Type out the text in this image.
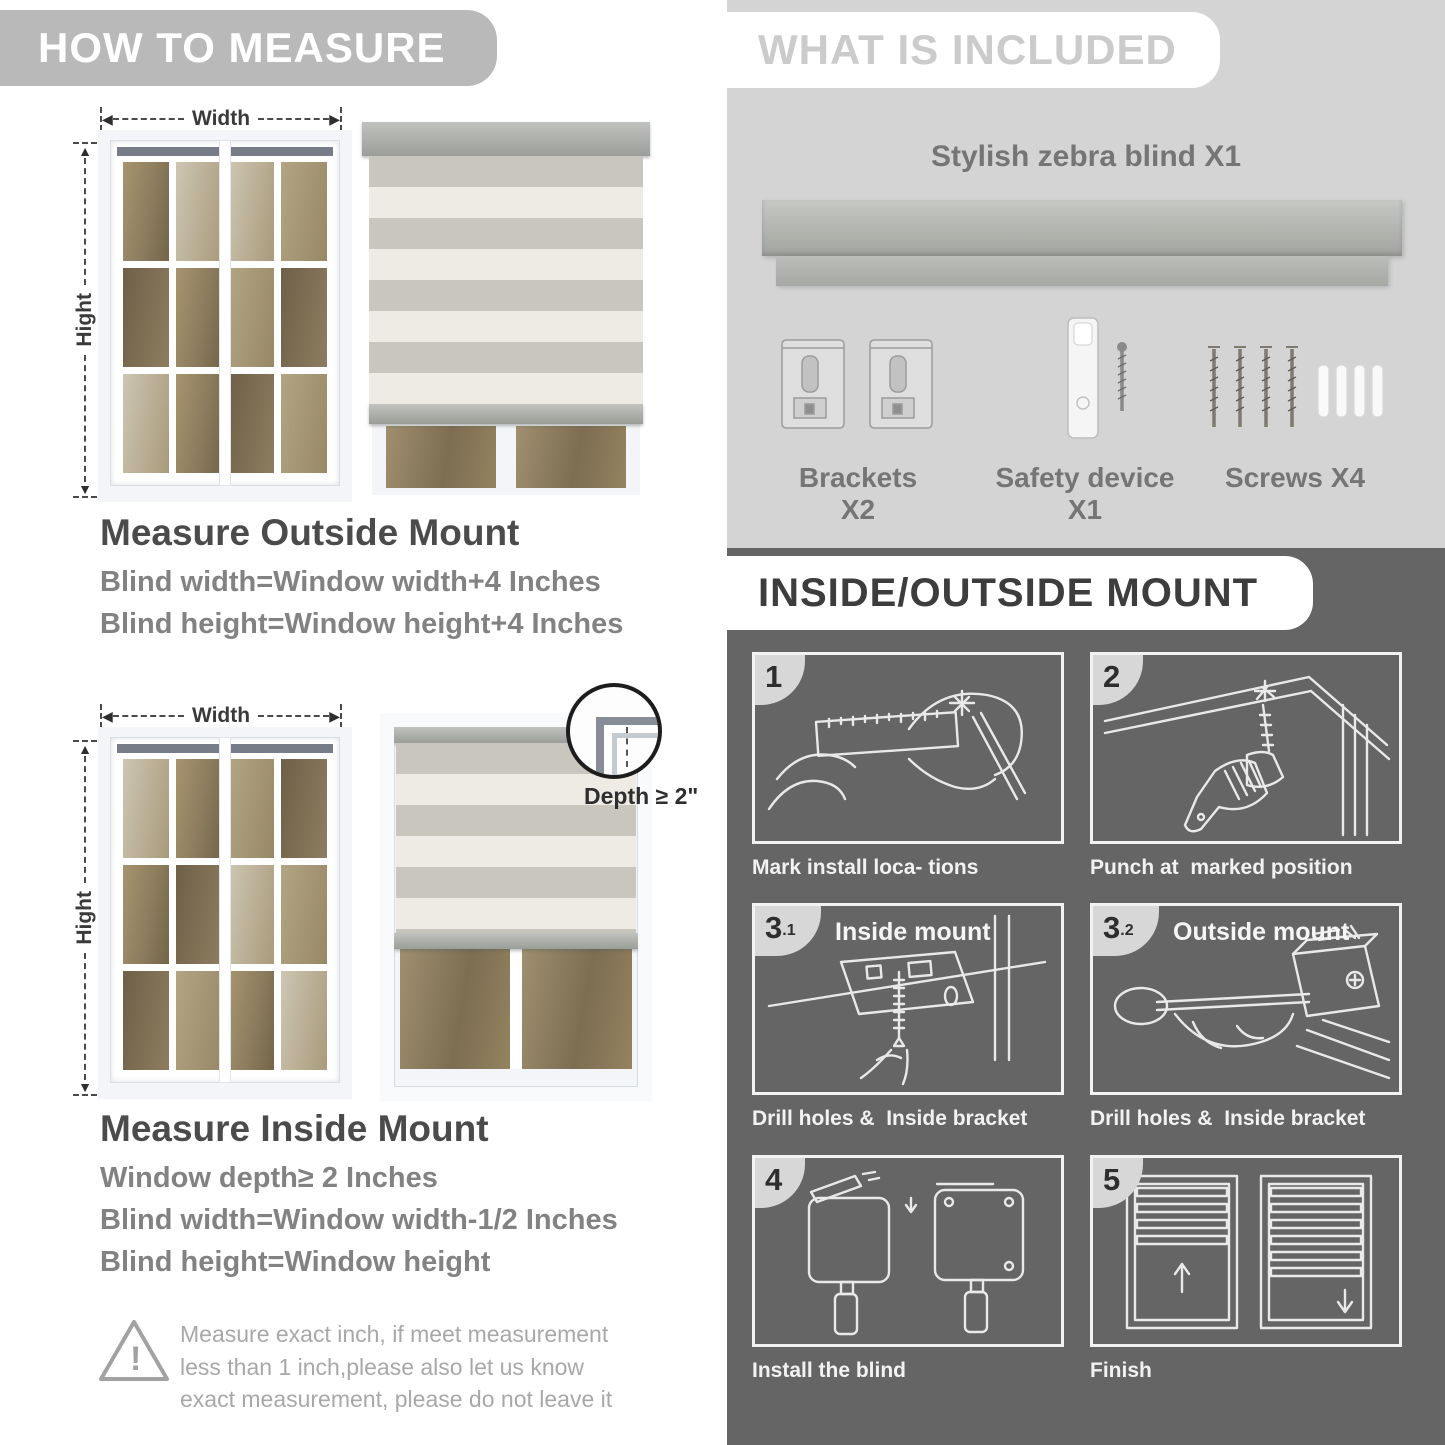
HOW TO MEASURE
◀	Width	▶
▲
Hight
▼
Measure Outside Mount
Blind width=Window width+4 Inches
Blind height=Window height+4 Inches
◀	Width	▶
▲
Hight
▼
Depth ≥ 2"
Measure Inside Mount
Window depth≥ 2 Inches
Blind width=Window width-1/2 Inches
Blind height=Window height
!
Measure exact inch, if meet measurement less than 1 inch,please also let us know exact measurement, please do not leave it
WHAT IS INCLUDED
Stylish zebra blind X1
Brackets X2
Safety device X1
Screws X4
INSIDE/OUTSIDE MOUNT
1
Mark install loca- tions
2
Punch at  marked position
3 .1 Inside mount
Drill holes &  Inside bracket
3 .2 Outside mount
Drill holes &  Inside bracket
4
Install the blind
5
Finish
